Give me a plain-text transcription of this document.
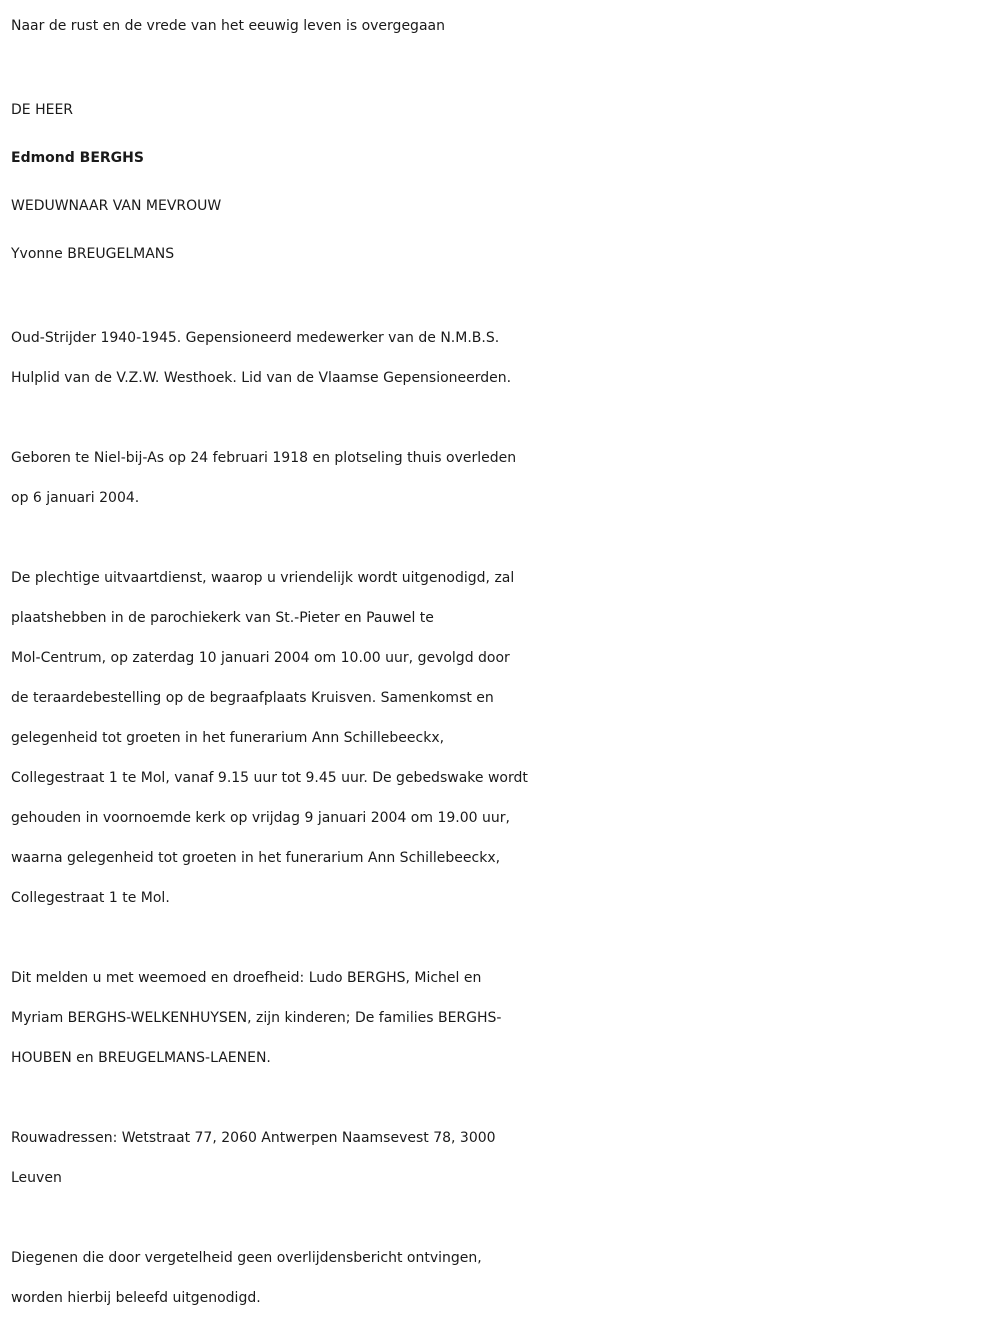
Naar de rust en de vrede van het eeuwig leven is overgegaan
DE HEER
Edmond BERGHS
WEDUWNAAR VAN MEVROUW
Yvonne BREUGELMANS
Oud-Strijder 1940-1945. Gepensioneerd medewerker van de N.M.B.S.
Hulplid van de V.Z.W. Westhoek. Lid van de Vlaamse Gepensioneerden.
Geboren te Niel-bij-As op 24 februari 1918 en plotseling thuis overleden
op 6 januari 2004.
De plechtige uitvaartdienst, waarop u vriendelijk wordt uitgenodigd, zal
plaatshebben in de parochiekerk van St.-Pieter en Pauwel te
Mol-Centrum, op zaterdag 10 januari 2004 om 10.00 uur, gevolgd door
de teraardebestelling op de begraafplaats Kruisven. Samenkomst en
gelegenheid tot groeten in het funerarium Ann Schillebeeckx,
Collegestraat 1 te Mol, vanaf 9.15 uur tot 9.45 uur. De gebedswake wordt
gehouden in voornoemde kerk op vrijdag 9 januari 2004 om 19.00 uur,
waarna gelegenheid tot groeten in het funerarium Ann Schillebeeckx,
Collegestraat 1 te Mol.
Dit melden u met weemoed en droefheid: Ludo BERGHS, Michel en
Myriam BERGHS-WELKENHUYSEN, zijn kinderen; De families BERGHS-
HOUBEN en BREUGELMANS-LAENEN.
Rouwadressen: Wetstraat 77, 2060 Antwerpen Naamsevest 78, 3000
Leuven
Diegenen die door vergetelheid geen overlijdensbericht ontvingen,
worden hierbij beleefd uitgenodigd.
